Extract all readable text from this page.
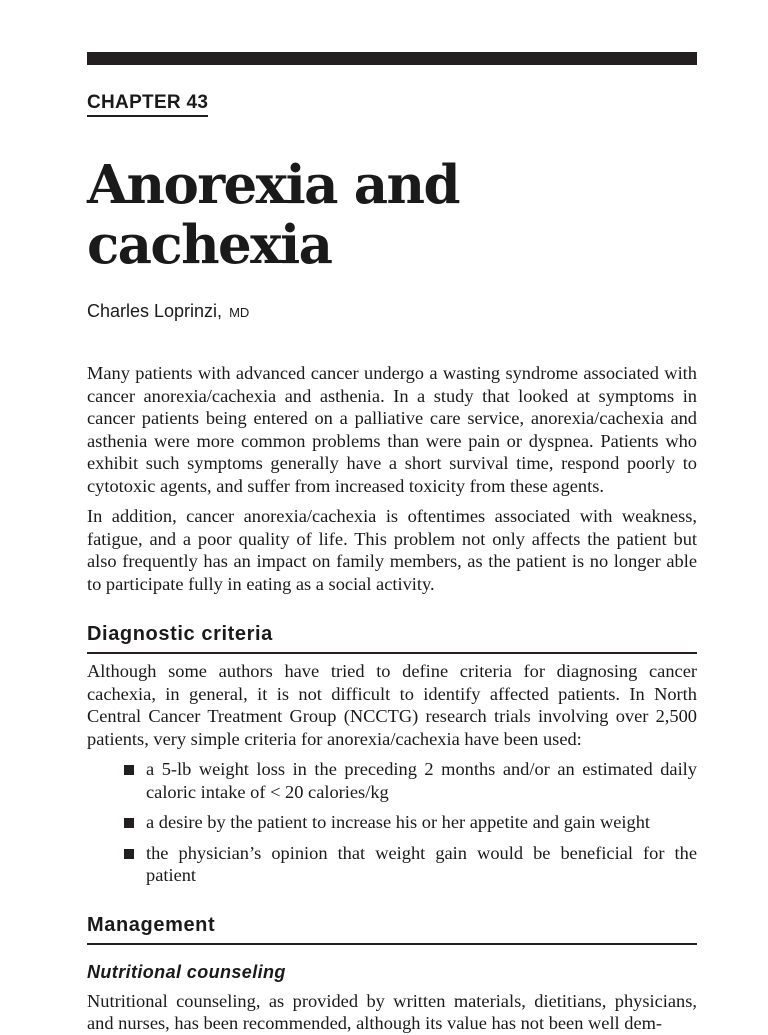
CHAPTER 43
Anorexia and cachexia
Charles Loprinzi, MD

Many patients with advanced cancer undergo a wasting syndrome associated with cancer anorexia/cachexia and asthenia. In a study that looked at symptoms in cancer patients being entered on a palliative care service, anorexia/cachexia and asthenia were more common problems than were pain or dyspnea. Patients who exhibit such symptoms generally have a short survival time, respond poorly to cytotoxic agents, and suffer from increased toxicity from these agents.

In addition, cancer anorexia/cachexia is oftentimes associated with weakness, fatigue, and a poor quality of life. This problem not only affects the patient but also frequently has an impact on family members, as the patient is no longer able to participate fully in eating as a social activity.

Diagnostic criteria

Although some authors have tried to define criteria for diagnosing cancer cachexia, in general, it is not difficult to identify affected patients. In North Central Cancer Treatment Group (NCCTG) research trials involving over 2,500 patients, very simple criteria for anorexia/cachexia have been used:

a 5-lb weight loss in the preceding 2 months and/or an estimated daily caloric intake of < 20 calories/kg
a desire by the patient to increase his or her appetite and gain weight
the physician’s opinion that weight gain would be beneficial for the patient
Management
Nutritional counseling

Nutritional counseling, as provided by written materials, dietitians, physicians, and nurses, has been recommended, although its value has not been well dem-
